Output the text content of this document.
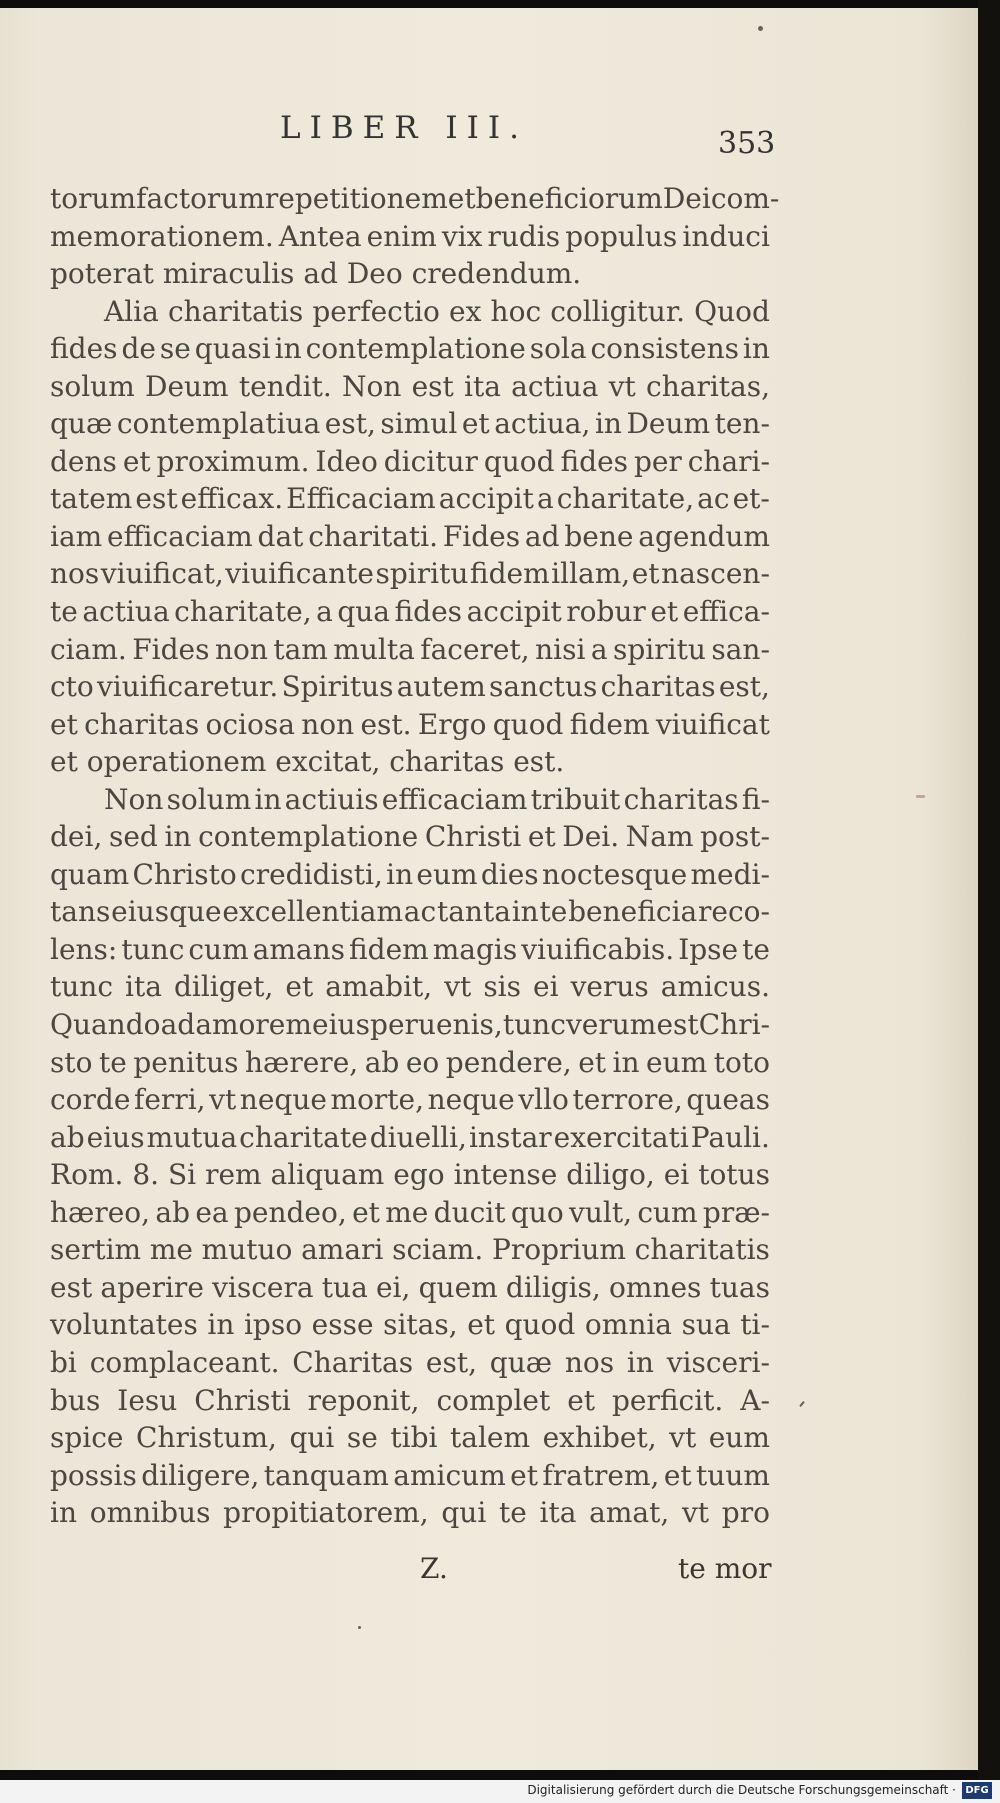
LIBER III.	353
torum factorum repetitionem et beneficiorum Dei com-
memorationem. Antea enim vix rudis populus induci
poterat miraculis ad Deo credendum.
Alia charitatis perfectio ex hoc colligitur. Quod
fides de se quasi in contemplatione sola consistens in
solum Deum tendit. Non est ita actiua vt charitas,
quæ contemplatiua est, simul et actiua, in Deum ten-
dens et proximum. Ideo dicitur quod fides per chari-
tatem est efficax. Efficaciam accipit a charitate, ac et-
iam efficaciam dat charitati. Fides ad bene agendum
nos viuificat, viuificante spiritu fidem illam, et nascen-
te actiua charitate, a qua fides accipit robur et effica-
ciam. Fides non tam multa faceret, nisi a spiritu san-
cto viuificaretur. Spiritus autem sanctus charitas est,
et charitas ociosa non est. Ergo quod fidem viuificat
et operationem excitat, charitas est.
Non solum in actiuis efficaciam tribuit charitas fi-
dei, sed in contemplatione Christi et Dei. Nam post-
quam Christo credidisti, in eum dies noctesque medi-
tans eiusque excellentiam ac tanta in te beneficia reco-
lens: tunc cum amans fidem magis viuificabis. Ipse te
tunc ita diliget, et amabit, vt sis ei verus amicus.
Quando ad amorem eius peruenis, tunc verum est Chri-
sto te penitus hærere, ab eo pendere, et in eum toto
corde ferri, vt neque morte, neque vllo terrore, queas
ab eius mutua charitate diuelli, instar exercitati Pauli.
Rom. 8. Si rem aliquam ego intense diligo, ei totus
hæreo, ab ea pendeo, et me ducit quo vult, cum præ-
sertim me mutuo amari sciam. Proprium charitatis
est aperire viscera tua ei, quem diligis, omnes tuas
voluntates in ipso esse sitas, et quod omnia sua ti-
bi complaceant. Charitas est, quæ nos in visceri-
bus Iesu Christi reponit, complet et perficit. A-
spice Christum, qui se tibi talem exhibet, vt eum
possis diligere, tanquam amicum et fratrem, et tuum
in omnibus propitiatorem, qui te ita amat, vt pro
Z.	te mor
Digitalisierung gefördert durch die Deutsche Forschungsgemeinschaft · DFG
